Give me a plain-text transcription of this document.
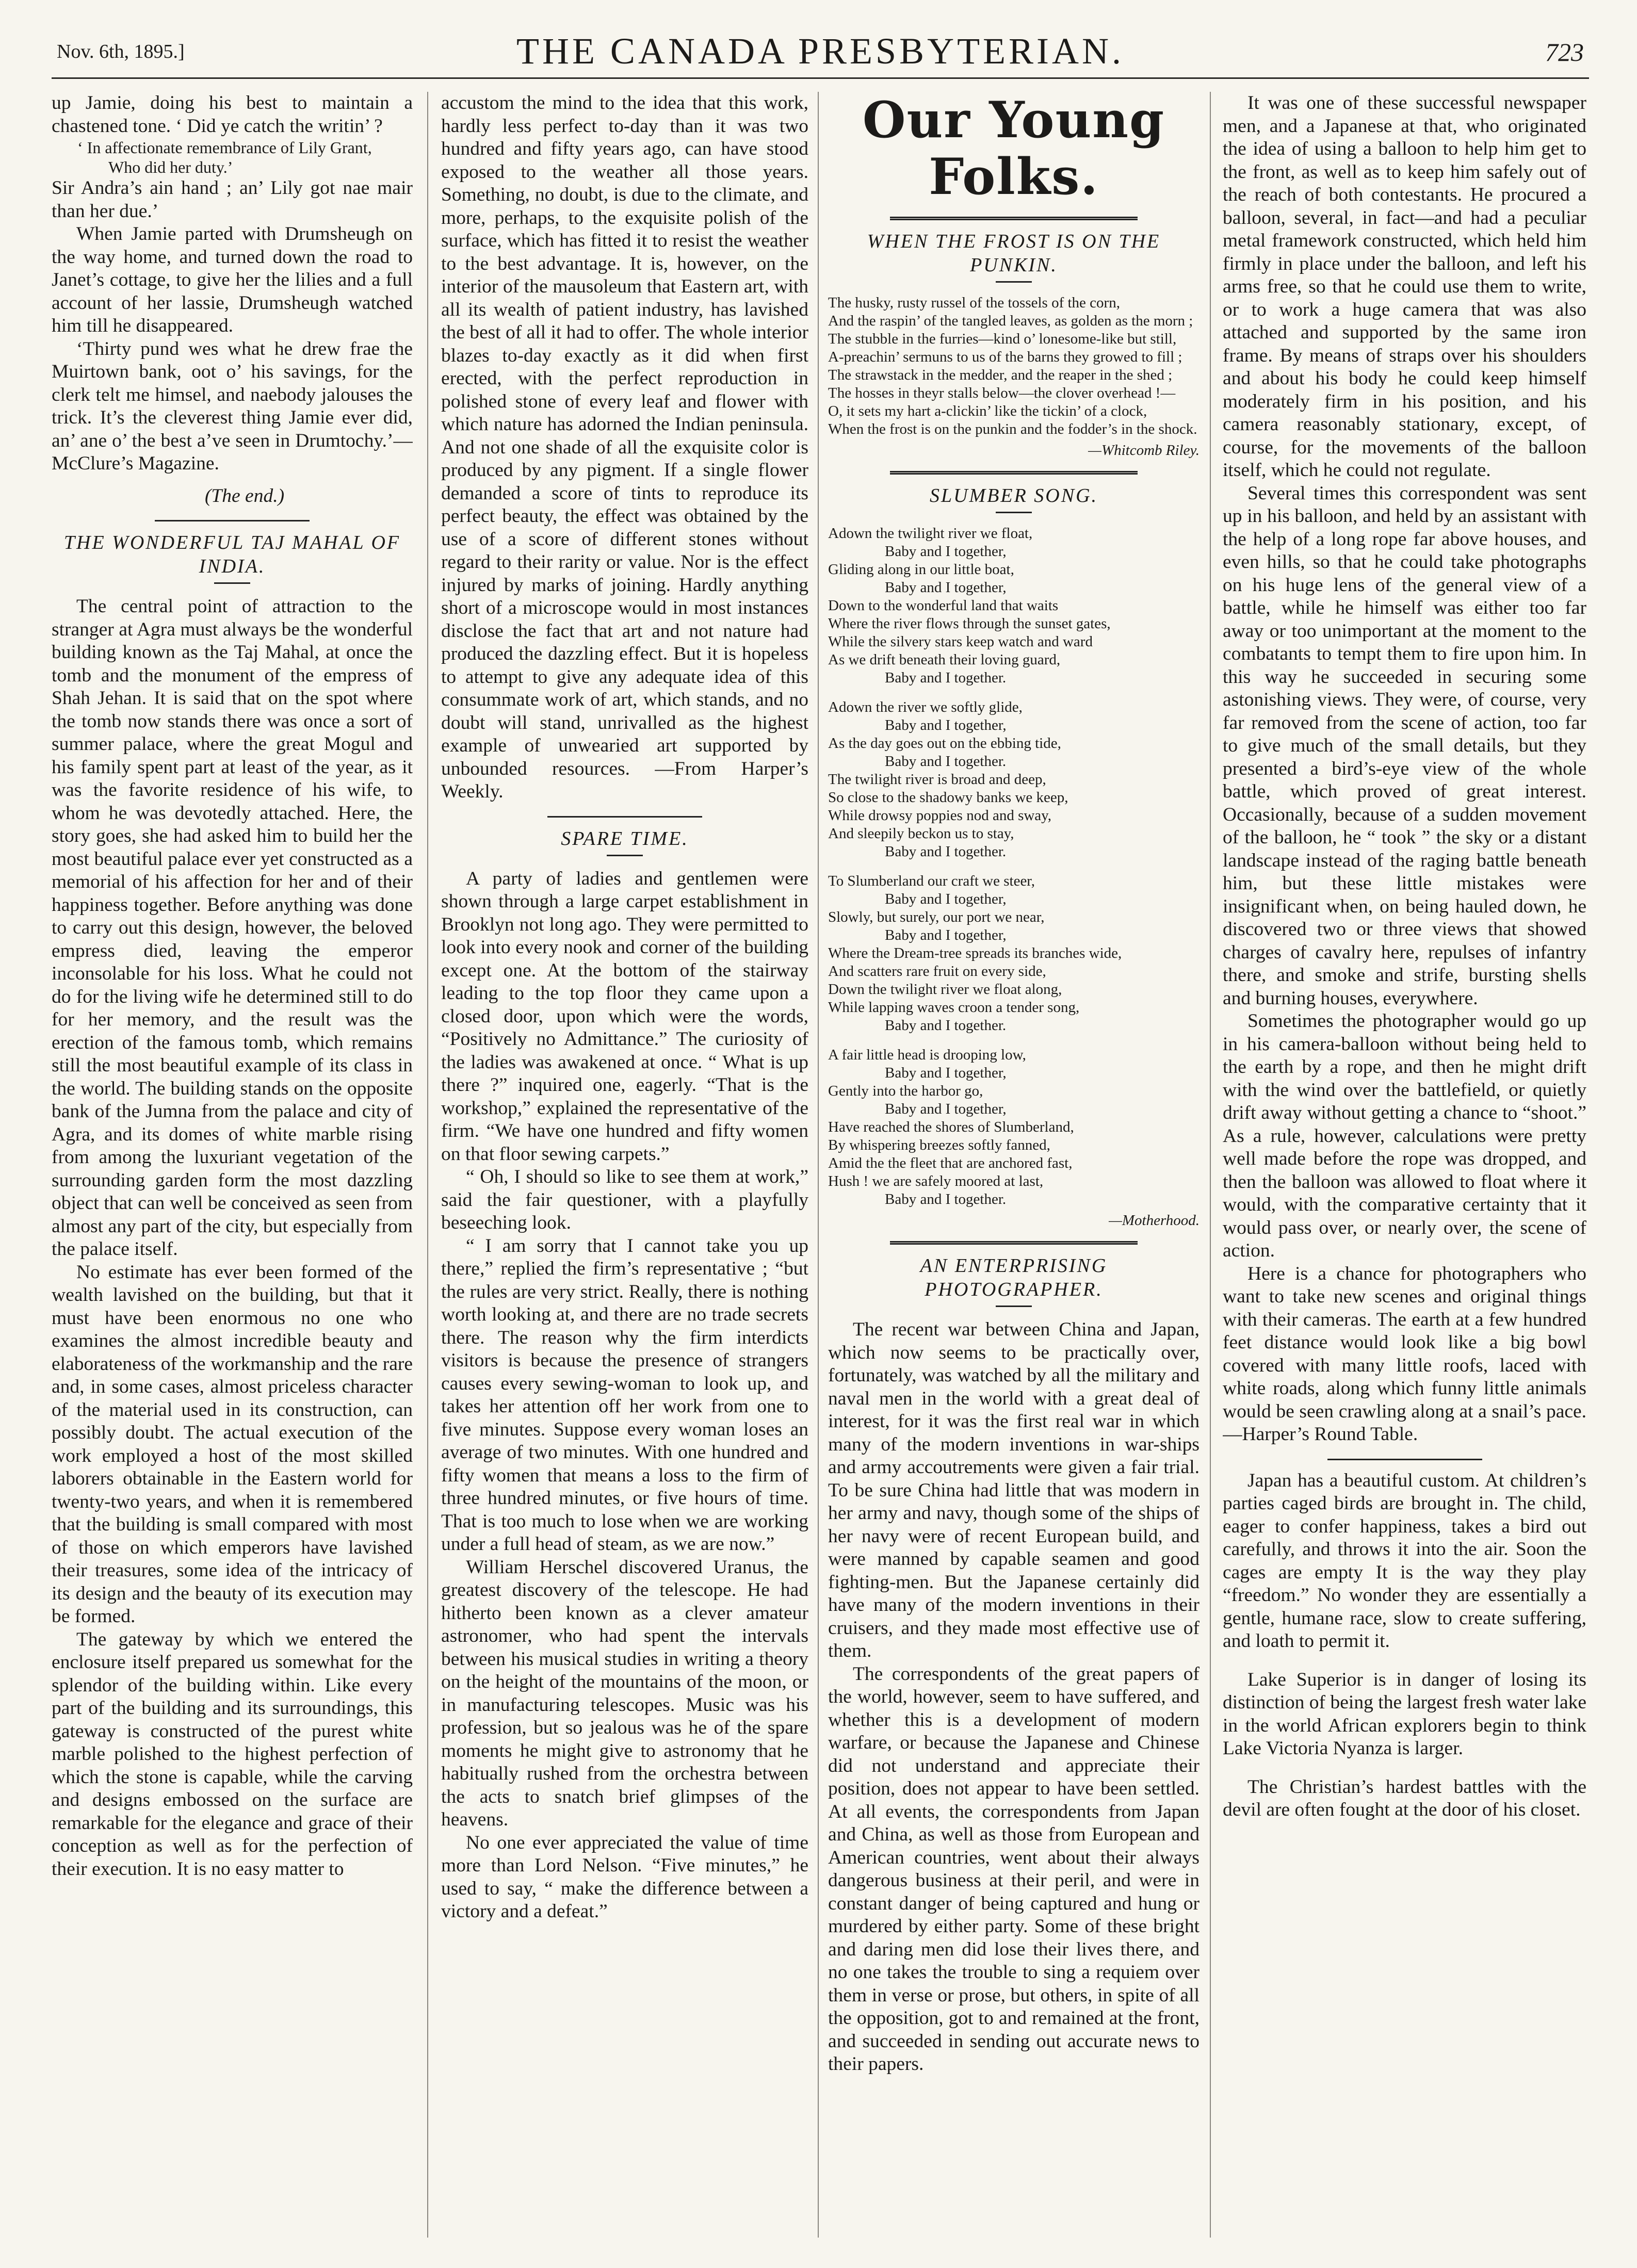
Nov. 6th, 1895.]	THE CANADA PRESBYTERIAN.	723

up Jamie, doing his best to maintain a chastened tone. ‘ Did ye catch the writin’ ?

‘ In affectionate remembrance of Lily Grant,
Who did her duty.’

Sir Andra’s ain hand ; an’ Lily got nae mair than her due.’

When Jamie parted with Drumsheugh on the way home, and turned down the road to Janet’s cottage, to give her the lilies and a full account of her lassie, Drumsheugh watched him till he disappeared.

‘Thirty pund wes what he drew frae the Muirtown bank, oot o’ his savings, for the clerk telt me himsel, and naebody jalouses the trick. It’s the cleverest thing Jamie ever did, an’ ane o’ the best a’ve seen in Drumtochy.’—McClure’s Magazine.

(The end.)

THE WONDERFUL TAJ MAHAL OF INDIA.

The central point of attraction to the stranger at Agra must always be the wonderful building known as the Taj Mahal, at once the tomb and the monument of the empress of Shah Jehan. It is said that on the spot where the tomb now stands there was once a sort of summer palace, where the great Mogul and his family spent part at least of the year, as it was the favorite residence of his wife, to whom he was devotedly attached. Here, the story goes, she had asked him to build her the most beautiful palace ever yet constructed as a memorial of his affection for her and of their happiness together. Before anything was done to carry out this design, however, the beloved empress died, leaving the emperor inconsolable for his loss. What he could not do for the living wife he determined still to do for her memory, and the result was the erection of the famous tomb, which remains still the most beautiful example of its class in the world. The building stands on the opposite bank of the Jumna from the palace and city of Agra, and its domes of white marble rising from among the luxuriant vegetation of the surrounding garden form the most dazzling object that can well be conceived as seen from almost any part of the city, but especially from the palace itself.

No estimate has ever been formed of the wealth lavished on the building, but that it must have been enormous no one who examines the almost incredible beauty and elaborateness of the workmanship and the rare and, in some cases, almost priceless character of the material used in its construction, can possibly doubt. The actual execution of the work employed a host of the most skilled laborers obtainable in the Eastern world for twenty-two years, and when it is remembered that the building is small compared with most of those on which emperors have lavished their treasures, some idea of the intricacy of its design and the beauty of its execution may be formed.

The gateway by which we entered the enclosure itself prepared us somewhat for the splendor of the building within. Like every part of the building and its surroundings, this gateway is constructed of the purest white marble polished to the highest perfection of which the stone is capable, while the carving and designs embossed on the surface are remarkable for the elegance and grace of their conception as well as for the perfection of their execution. It is no easy matter to

accustom the mind to the idea that this work, hardly less perfect to-day than it was two hundred and fifty years ago, can have stood exposed to the weather all those years. Something, no doubt, is due to the climate, and more, perhaps, to the exquisite polish of the surface, which has fitted it to resist the weather to the best advantage. It is, however, on the interior of the mausoleum that Eastern art, with all its wealth of patient industry, has lavished the best of all it had to offer. The whole interior blazes to-day exactly as it did when first erected, with the perfect reproduction in polished stone of every leaf and flower with which nature has adorned the Indian peninsula. And not one shade of all the exquisite color is produced by any pigment. If a single flower demanded a score of tints to reproduce its perfect beauty, the effect was obtained by the use of a score of different stones without regard to their rarity or value. Nor is the effect injured by marks of joining. Hardly anything short of a microscope would in most instances disclose the fact that art and not nature had produced the dazzling effect. But it is hopeless to attempt to give any adequate idea of this consummate work of art, which stands, and no doubt will stand, unrivalled as the highest example of unwearied art supported by unbounded resources. —From Harper’s Weekly.

SPARE TIME.

A party of ladies and gentlemen were shown through a large carpet establishment in Brooklyn not long ago. They were permitted to look into every nook and corner of the building except one. At the bottom of the stairway leading to the top floor they came upon a closed door, upon which were the words, “Positively no Admittance.” The curiosity of the ladies was awakened at once. “ What is up there ?” inquired one, eagerly. “That is the workshop,” explained the representative of the firm. “We have one hundred and fifty women on that floor sewing carpets.”

“ Oh, I should so like to see them at work,” said the fair questioner, with a playfully beseeching look.

“ I am sorry that I cannot take you up there,” replied the firm’s representative ; “but the rules are very strict. Really, there is nothing worth looking at, and there are no trade secrets there. The reason why the firm interdicts visitors is because the presence of strangers causes every sewing-woman to look up, and takes her attention off her work from one to five minutes. Suppose every woman loses an average of two minutes. With one hundred and fifty women that means a loss to the firm of three hundred minutes, or five hours of time. That is too much to lose when we are working under a full head of steam, as we are now.”

William Herschel discovered Uranus, the greatest discovery of the telescope. He had hitherto been known as a clever amateur astronomer, who had spent the intervals between his musical studies in writing a theory on the height of the mountains of the moon, or in manufacturing telescopes. Music was his profession, but so jealous was he of the spare moments he might give to astronomy that he habitually rushed from the orchestra between the acts to snatch brief glimpses of the heavens.

No one ever appreciated the value of time more than Lord Nelson. “Five minutes,” he used to say, “ make the difference between a victory and a defeat.”

Our Young Folks.
WHEN THE FROST IS ON THE PUNKIN.
The husky, rusty russel of the tossels of the corn,
And the raspin’ of the tangled leaves, as golden as the morn ;
The stubble in the furries—kind o’ lonesome-like but still,
A-preachin’ sermuns to us of the barns they growed to fill ;
The strawstack in the medder, and the reaper in the shed ;
The hosses in theyr stalls below—the clover overhead !—
O, it sets my hart a-clickin’ like the tickin’ of a clock,
When the frost is on the punkin and the fodder’s in the shock.
—Whitcomb Riley.
SLUMBER SONG.
Adown the twilight river we float,
Baby and I together,
Gliding along in our little boat,
Baby and I together,
Down to the wonderful land that waits
Where the river flows through the sunset gates,
While the silvery stars keep watch and ward
As we drift beneath their loving guard,
Baby and I together.
Adown the river we softly glide,
Baby and I together,
As the day goes out on the ebbing tide,
Baby and I together.
The twilight river is broad and deep,
So close to the shadowy banks we keep,
While drowsy poppies nod and sway,
And sleepily beckon us to stay,
Baby and I together.
To Slumberland our craft we steer,
Baby and I together,
Slowly, but surely, our port we near,
Baby and I together,
Where the Dream-tree spreads its branches wide,
And scatters rare fruit on every side,
Down the twilight river we float along,
While lapping waves croon a tender song,
Baby and I together.
A fair little head is drooping low,
Baby and I together,
Gently into the harbor go,
Baby and I together,
Have reached the shores of Slumberland,
By whispering breezes softly fanned,
Amid the the fleet that are anchored fast,
Hush ! we are safely moored at last,
Baby and I together.
—Motherhood.
AN ENTERPRISING PHOTOGRAPHER.

The recent war between China and Japan, which now seems to be practically over, fortunately, was watched by all the military and naval men in the world with a great deal of interest, for it was the first real war in which many of the modern inventions in war-ships and army accoutrements were given a fair trial. To be sure China had little that was modern in her army and navy, though some of the ships of her navy were of recent European build, and were manned by capable seamen and good fighting-men. But the Japanese certainly did have many of the modern inventions in their cruisers, and they made most effective use of them.

The correspondents of the great papers of the world, however, seem to have suffered, and whether this is a development of modern warfare, or because the Japanese and Chinese did not understand and appreciate their position, does not appear to have been settled. At all events, the correspondents from Japan and China, as well as those from European and American countries, went about their always dangerous business at their peril, and were in constant danger of being captured and hung or murdered by either party. Some of these bright and daring men did lose their lives there, and no one takes the trouble to sing a requiem over them in verse or prose, but others, in spite of all the opposition, got to and remained at the front, and succeeded in sending out accurate news to their papers.

It was one of these successful newspaper men, and a Japanese at that, who originated the idea of using a balloon to help him get to the front, as well as to keep him safely out of the reach of both contestants. He procured a balloon, several, in fact—and had a peculiar metal framework constructed, which held him firmly in place under the balloon, and left his arms free, so that he could use them to write, or to work a huge camera that was also attached and supported by the same iron frame. By means of straps over his shoulders and about his body he could keep himself moderately firm in his position, and his camera reasonably stationary, except, of course, for the movements of the balloon itself, which he could not regulate.

Several times this correspondent was sent up in his balloon, and held by an assistant with the help of a long rope far above houses, and even hills, so that he could take photographs on his huge lens of the general view of a battle, while he himself was either too far away or too unimportant at the moment to the combatants to tempt them to fire upon him. In this way he succeeded in securing some astonishing views. They were, of course, very far removed from the scene of action, too far to give much of the small details, but they presented a bird’s-eye view of the whole battle, which proved of great interest. Occasionally, because of a sudden movement of the balloon, he “ took ” the sky or a distant landscape instead of the raging battle beneath him, but these little mistakes were insignificant when, on being hauled down, he discovered two or three views that showed charges of cavalry here, repulses of infantry there, and smoke and strife, bursting shells and burning houses, everywhere.

Sometimes the photographer would go up in his camera-balloon without being held to the earth by a rope, and then he might drift with the wind over the battlefield, or quietly drift away without getting a chance to “shoot.” As a rule, however, calculations were pretty well made before the rope was dropped, and then the balloon was allowed to float where it would, with the comparative certainty that it would pass over, or nearly over, the scene of action.

Here is a chance for photographers who want to take new scenes and original things with their cameras. The earth at a few hundred feet distance would look like a big bowl covered with many little roofs, laced with white roads, along which funny little animals would be seen crawling along at a snail’s pace.—Harper’s Round Table.

Japan has a beautiful custom. At children’s parties caged birds are brought in. The child, eager to confer happiness, takes a bird out carefully, and throws it into the air. Soon the cages are empty It is the way they play “freedom.” No wonder they are essentially a gentle, humane race, slow to create suffering, and loath to permit it.

Lake Superior is in danger of losing its distinction of being the largest fresh water lake in the world African explorers begin to think Lake Victoria Nyanza is larger.

The Christian’s hardest battles with the devil are often fought at the door of his closet.
